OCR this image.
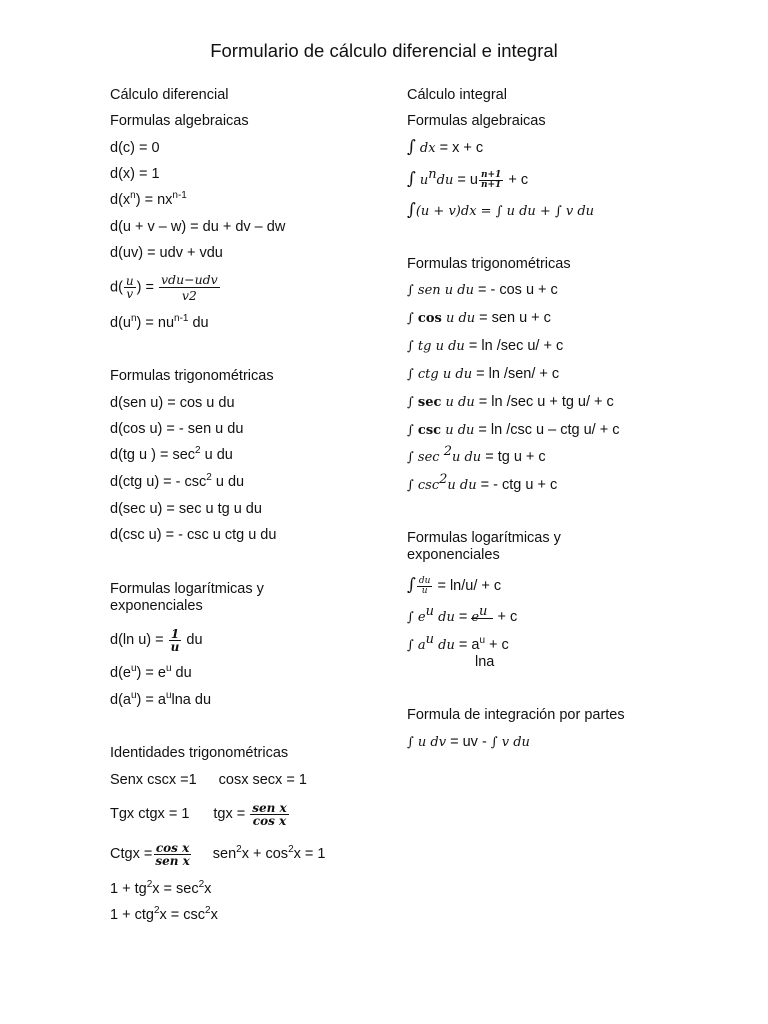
Formulario de cálculo diferencial e integral
Cálculo diferencial
Formulas algebraicas
d(c) = 0
d(x) = 1
$d(x^n) = nx^{n-1}$
d(u + v – w) = du + dv – dw
d(uv) = udv + vdu
$d( \frac{u}{v}$ ) = $\frac{\text{vdu−udv}}{v2}$
$d(u^n) = nu^{n-1}$ du
Formulas trigonométricas
d(sen u) = cos u du
d(cos u) = - sen u du
d(tg u ) = $\sec^2 u$ du
d(ctg u) = - $\csc^2 u$ du
d(sec u) = sec u tg u du
d(csc u) = - csc u ctg u du
Formulas logarítmicas y
exponenciales
d(ln $u) = \frac{1}{u}$ du
$d(e^u) = e^u$ du
$d(a^u) = a^u\ln a$ du
Identidades trigonométricas
Senx cscx =1 cosx secx = 1
Tgx ctgx = 1 tgx = $\frac{\text{sen x}}{\text{cos x}}$
Ctgx = $\frac{\text{cos x}}{\text{sen x}} sen^2x + \cos^2x = 1$
$1 + tg^2x = \sec^2x$
$1 + ctg^2x = \csc^2x$
Cálculo integral
Formulas algebraicas
∫ dx = x + c
∫ $u^ndu = u \frac{n+1}{n+1} + c$
∫(u + v)dx = ∫ u du + ∫ v du
Formulas trigonométricas
∫ sen u du = - cos u + c
∫ cos u du = sen u + c
∫ tg u du = ln /sec u/ + c
∫ ctg u du = ln /sen/ + c
∫ sec u du = ln /sec u + tg u/ + c
∫ csc u du = ln /csc u – ctg u/ + c
∫ sec $^2$u du = tg u + c
∫ $\csc^2u$ du = - ctg u + c
Formulas logarítmicas y
exponenciales
∫ $\frac{du}{u} = \ln/u/ + c$
∫ $e^u$ du = $e^u + c$
∫ $a^u$ du = $a^u + c$
lna
Formula de integración por partes
∫ u dv = uv - ∫ v du
